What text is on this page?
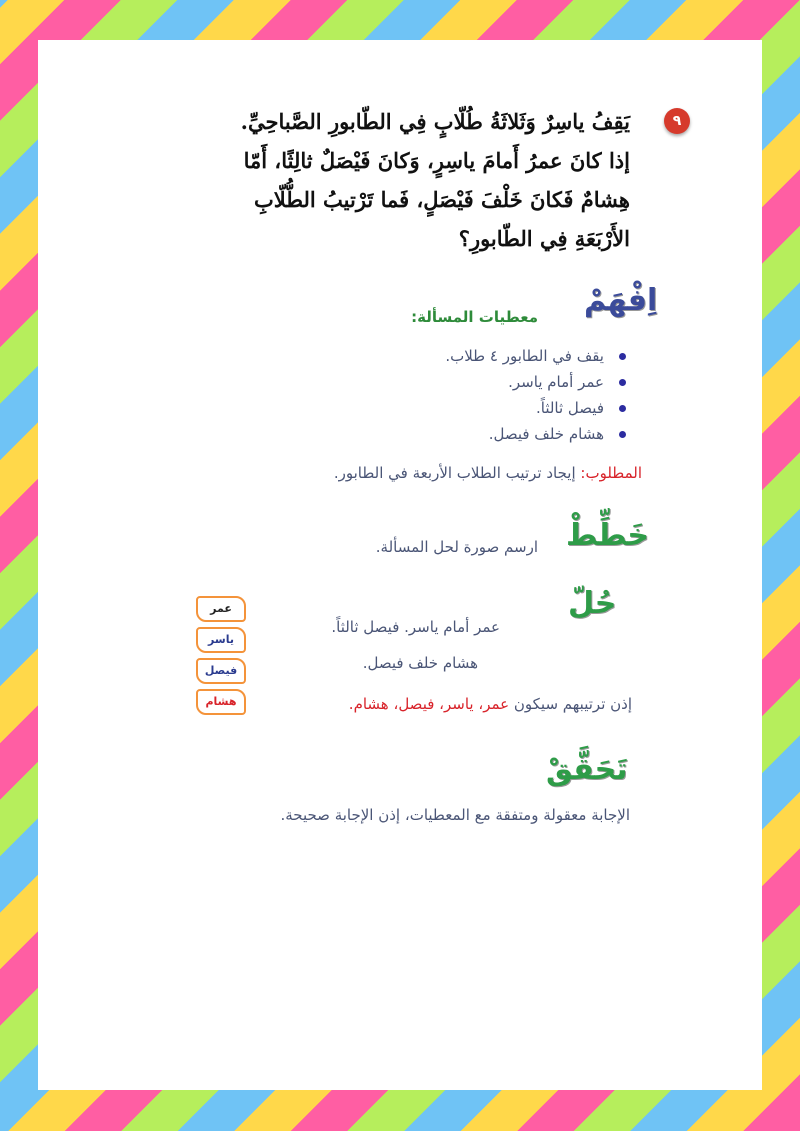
٩
يَقِفُ ياسِرٌ وَثَلاثَةُ طُلّابٍ فِي الطّابورِ الصَّباحِيِّ.
إذا كانَ عمرُ أَمامَ ياسِرٍ، وَكانَ فَيْصَلٌ ثالِثًا، أَمّا
هِشامٌ فَكانَ خَلْفَ فَيْصَلٍ، فَما تَرْتيبُ الطُّلّابِ
الأَرْبَعَةِ فِي الطّابورِ؟
اِفْهَمْ
معطيات المسألة:
يقف في الطابور ٤ طلاب.
عمر أمام ياسر.
فيصل ثالثاً.
هشام خلف فيصل.
المطلوب: إيجاد ترتيب الطلاب الأربعة في الطابور.
خَطِّطْ
ارسم صورة لحل المسألة.
حُلّ
عمر
ياسر
فيصل
هشام
عمر أمام ياسر. فيصل ثالثاً.
هشام خلف فيصل.
إذن ترتيبهم سيكون عمر، ياسر، فيصل، هشام.
تَحَقَّقْ
الإجابة معقولة ومتفقة مع المعطيات، إذن الإجابة صحيحة.
